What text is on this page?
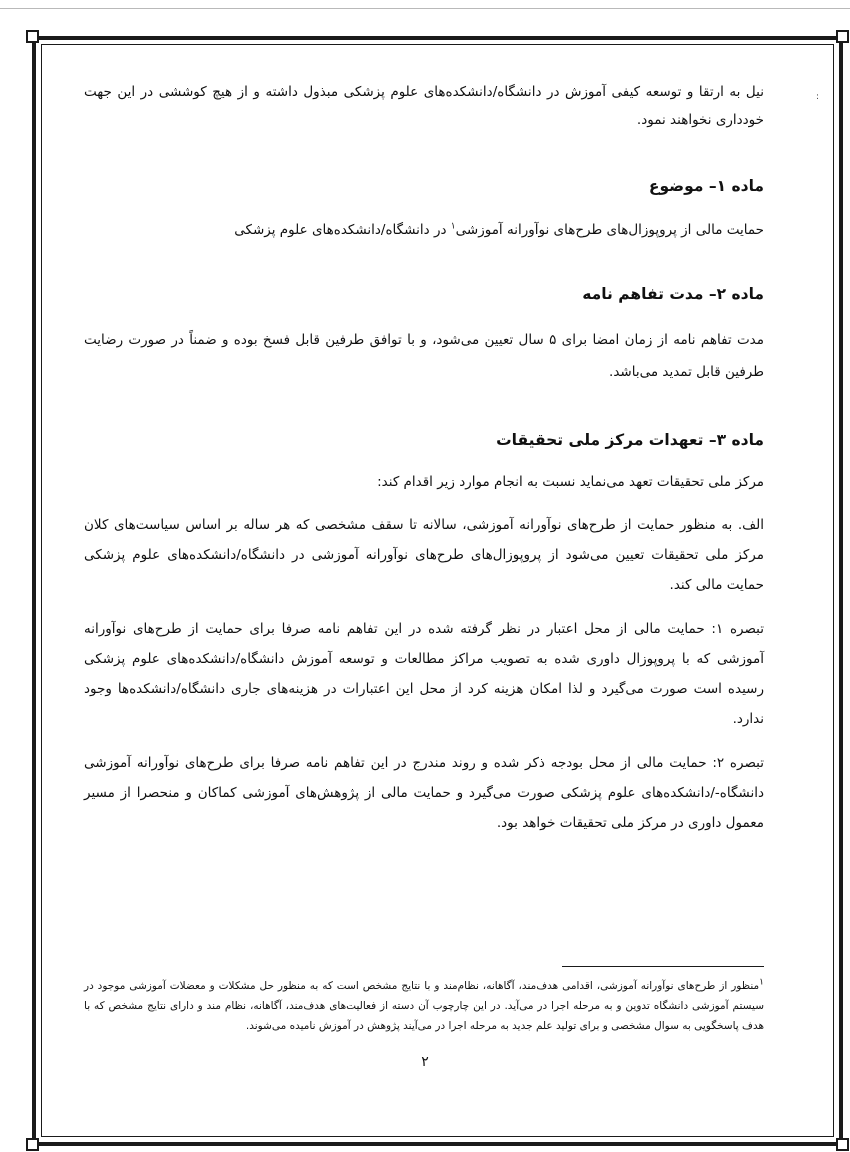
:

نیل به ارتقا و توسعه کیفی آموزش در دانشگاه/دانشکده‌های علوم پزشکی مبذول داشته و از هیچ کوششی در این جهت خودداری نخواهند نمود.

ماده ۱– موضوع

حمایت مالی از پروپوزال‌های طرح‌های نوآورانه آموزشی$^۱$ در دانشگاه/دانشکده‌های علوم پزشکی

ماده ۲– مدت تفاهم نامه

مدت تفاهم نامه از زمان امضا برای ۵ سال تعیین می‌شود، و با توافق طرفین قابل فسخ بوده و ضمناً در صورت رضایت طرفین قابل تمدید می‌باشد.

ماده ۳– تعهدات مرکز ملی تحقیقات

مرکز ملی تحقیقات تعهد می‌نماید نسبت به انجام موارد زیر اقدام کند:

الف. به منظور حمایت از طرح‌های نوآورانه آموزشی، سالانه تا سقف مشخصی که هر ساله بر اساس سیاست‌های کلان مرکز ملی تحقیقات تعیین می‌شود از پروپوزال‌های طرح‌های نوآورانه آموزشی در دانشگاه/دانشکده‌های علوم پزشکی حمایت مالی کند.

تبصره ۱: حمایت مالی از محل اعتبار در نظر گرفته شده در این تفاهم نامه صرفا برای حمایت از طرح‌های نوآورانه آموزشی که با پروپوزال داوری شده به تصویب مراکز مطالعات و توسعه آموزش دانشگاه/دانشکده‌های علوم پزشکی رسیده است صورت می‌گیرد و لذا امکان هزینه کرد از محل این اعتبارات در هزینه‌های جاری دانشگاه/دانشکده‌ها وجود ندارد.

تبصره ۲: حمایت مالی از محل بودجه ذکر شده و روند مندرج در این تفاهم نامه صرفا برای طرح‌های نوآورانه آموزشی دانشگاه-/دانشکده‌های علوم پزشکی صورت می‌گیرد و حمایت مالی از پژوهش‌های آموزشی کماکان و منحصرا از مسیر معمول داوری در مرکز ملی تحقیقات خواهد بود.

۱منظور از طرح‌های نوآورانه آموزشی، اقدامی هدف‌مند، آگاهانه، نظام‌مند و با نتایج مشخص است که به منظور حل مشکلات و معضلات آموزشی موجود در سیستم آموزشی دانشگاه تدوین و به مرحله اجرا در می‌آید. در این چارچوب آن دسته از فعالیت‌های هدف‌مند، آگاهانه، نظام مند و دارای نتایج مشخص که با هدف پاسخگویی به سوال مشخصی و برای تولید علم جدید به مرحله اجرا در می‌آیند پژوهش در آموزش نامیده می‌شوند.
۲
